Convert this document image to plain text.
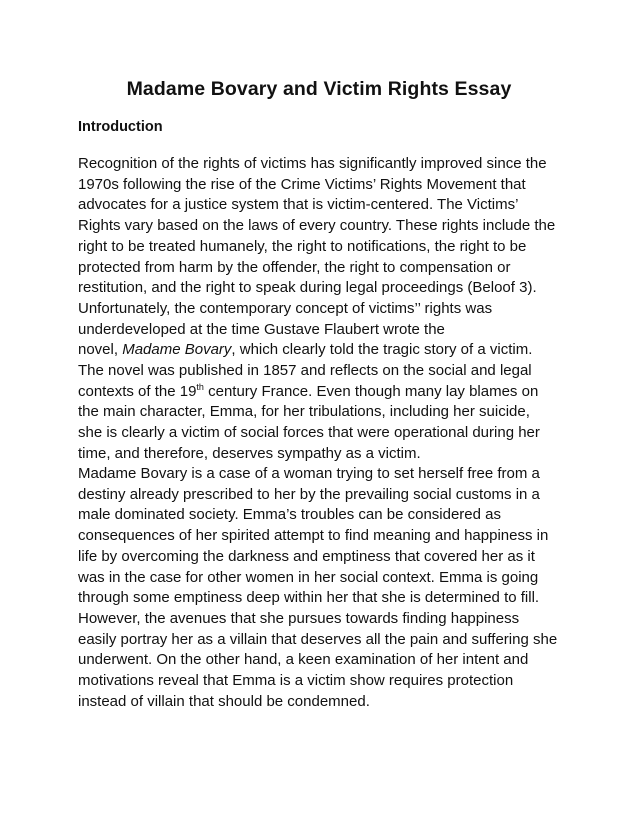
Madame Bovary and Victim Rights Essay
Introduction

Recognition of the rights of victims has significantly improved since the
1970s following the rise of the Crime Victims’ Rights Movement that
advocates for a justice system that is victim-centered. The Victims’
Rights vary based on the laws of every country. These rights include the
right to be treated humanely, the right to notifications, the right to be
protected from harm by the offender, the right to compensation or
restitution, and the right to speak during legal proceedings (Beloof 3).
Unfortunately, the contemporary concept of victims’’ rights was
underdeveloped at the time Gustave Flaubert wrote the
novel, Madame Bovary, which clearly told the tragic story of a victim.
The novel was published in 1857 and reflects on the social and legal
contexts of the 19th century France. Even though many lay blames on
the main character, Emma, for her tribulations, including her suicide,
she is clearly a victim of social forces that were operational during her
time, and therefore, deserves sympathy as a victim.

Madame Bovary is a case of a woman trying to set herself free from a
destiny already prescribed to her by the prevailing social customs in a
male dominated society. Emma’s troubles can be considered as
consequences of her spirited attempt to find meaning and happiness in
life by overcoming the darkness and emptiness that covered her as it
was in the case for other women in her social context. Emma is going
through some emptiness deep within her that she is determined to fill.
However, the avenues that she pursues towards finding happiness
easily portray her as a villain that deserves all the pain and suffering she
underwent. On the other hand, a keen examination of her intent and
motivations reveal that Emma is a victim show requires protection
instead of villain that should be condemned.
